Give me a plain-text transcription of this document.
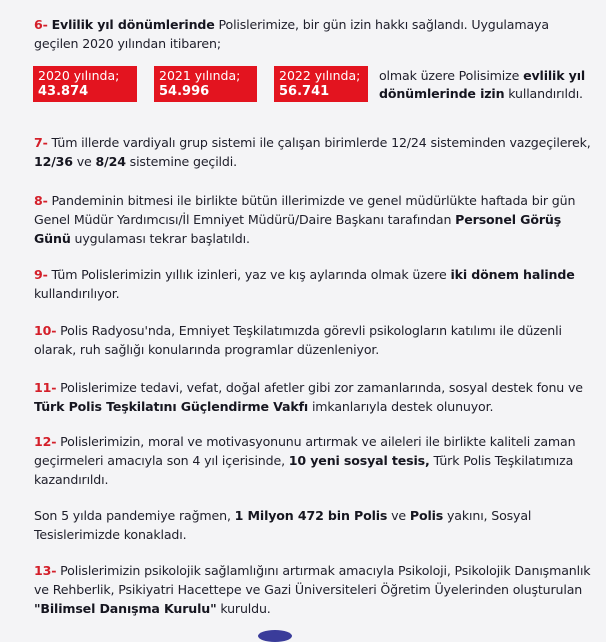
6- Evlilik yıl dönümlerinde Polislerimize, bir gün izin hakkı sağlandı. Uygulamaya geçilen 2020 yılından itibaren;
2020 yılında;
43.874
2021 yılında;
54.996
2022 yılında;
56.741
olmak üzere Polisimize evlilik yıl dönümlerinde izin kullandırıldı.
7- Tüm illerde vardiyalı grup sistemi ile çalışan birimlerde 12/24 sisteminden vazgeçilerek, 12/36 ve 8/24 sistemine geçildi.
8- Pandeminin bitmesi ile birlikte bütün illerimizde ve genel müdürlükte haftada bir gün Genel Müdür Yardımcısı/İl Emniyet Müdürü/Daire Başkanı tarafından Personel Görüş Günü uygulaması tekrar başlatıldı.
9- Tüm Polislerimizin yıllık izinleri, yaz ve kış aylarında olmak üzere iki dönem halinde kullandırılıyor.
10- Polis Radyosu'nda, Emniyet Teşkilatımızda görevli psikologların katılımı ile düzenli olarak, ruh sağlığı konularında programlar düzenleniyor.
11- Polislerimize tedavi, vefat, doğal afetler gibi zor zamanlarında, sosyal destek fonu ve Türk Polis Teşkilatını Güçlendirme Vakfı imkanlarıyla destek olunuyor.
12- Polislerimizin, moral ve motivasyonunu artırmak ve aileleri ile birlikte kaliteli zaman geçirmeleri amacıyla son 4 yıl içerisinde, 10 yeni sosyal tesis, Türk Polis Teşkilatımıza kazandırıldı.
Son 5 yılda pandemiye rağmen, 1 Milyon 472 bin Polis ve Polis yakını, Sosyal Tesislerimizde konakladı.
13- Polislerimizin psikolojik sağlamlığını artırmak amacıyla Psikoloji, Psikolojik Danışmanlık ve Rehberlik, Psikiyatri Hacettepe ve Gazi Üniversiteleri Öğretim Üyelerinden oluşturulan "Bilimsel Danışma Kurulu" kuruldu.
